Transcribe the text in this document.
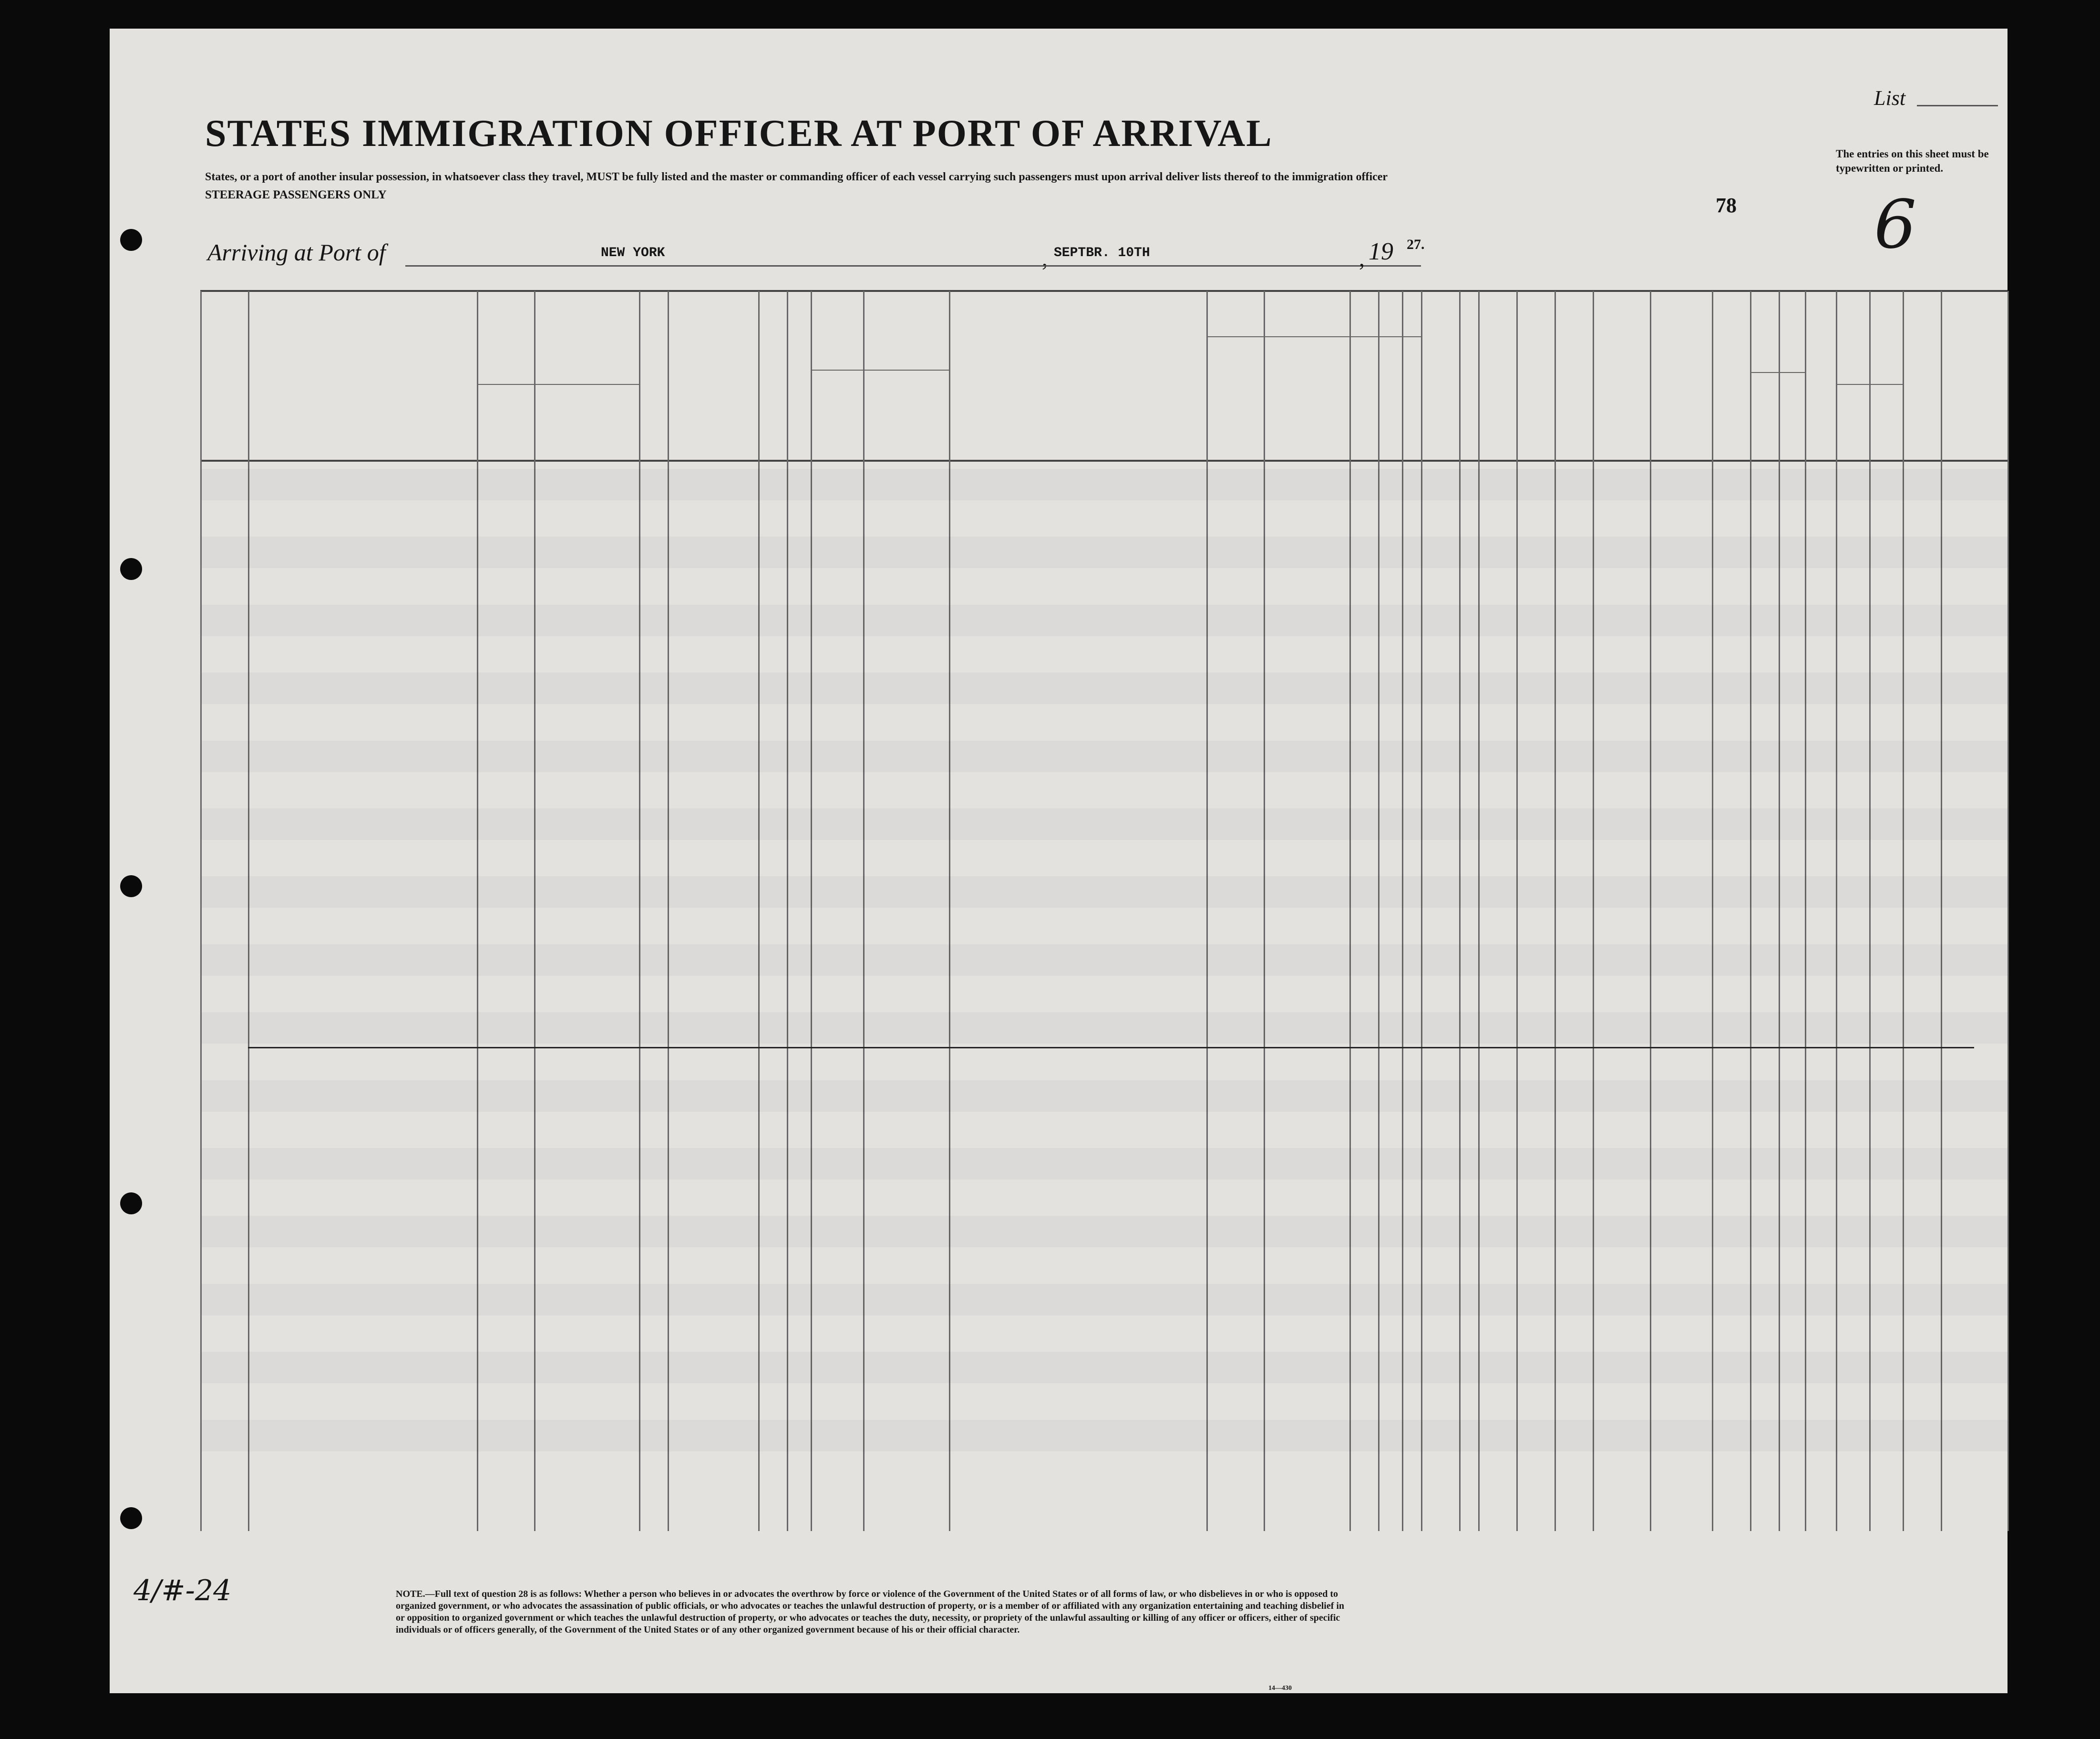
STATES IMMIGRATION OFFICER AT PORT OF ARRIVAL
States, or a port of another insular possession, in whatsoever class they travel, MUST be fully listed and the master or commanding officer of each vessel carrying such passengers must upon arrival deliver lists thereof to the immigration officer
STEERAGE PASSENGERS ONLY
Arriving at Port of	NEW YORK	, SEPTBR. 10TH	, 19 27.
List
The entries on this sheet must be typewritten or printed.
78 6
NOTE.—Full text of question 28 is as follows: Whether a person who believes in or advocates the overthrow by force or violence of the Government of the United States or of all forms of law, or who disbelieves in or who is opposed to organized government, or who advocates the assassination of public officials, or who advocates or teaches the unlawful destruction of property, or is a member of or affiliated with any organization entertaining and teaching disbelief in or opposition to organized government or which teaches the unlawful destruction of property, or who advocates or teaches the duty, necessity, or propriety of the unlawful assaulting or killing of any officer or officers, either of specific individuals or of officers generally, of the Government of the United States or of any other organized government because of his or their official character.
14—430
4/#-24
